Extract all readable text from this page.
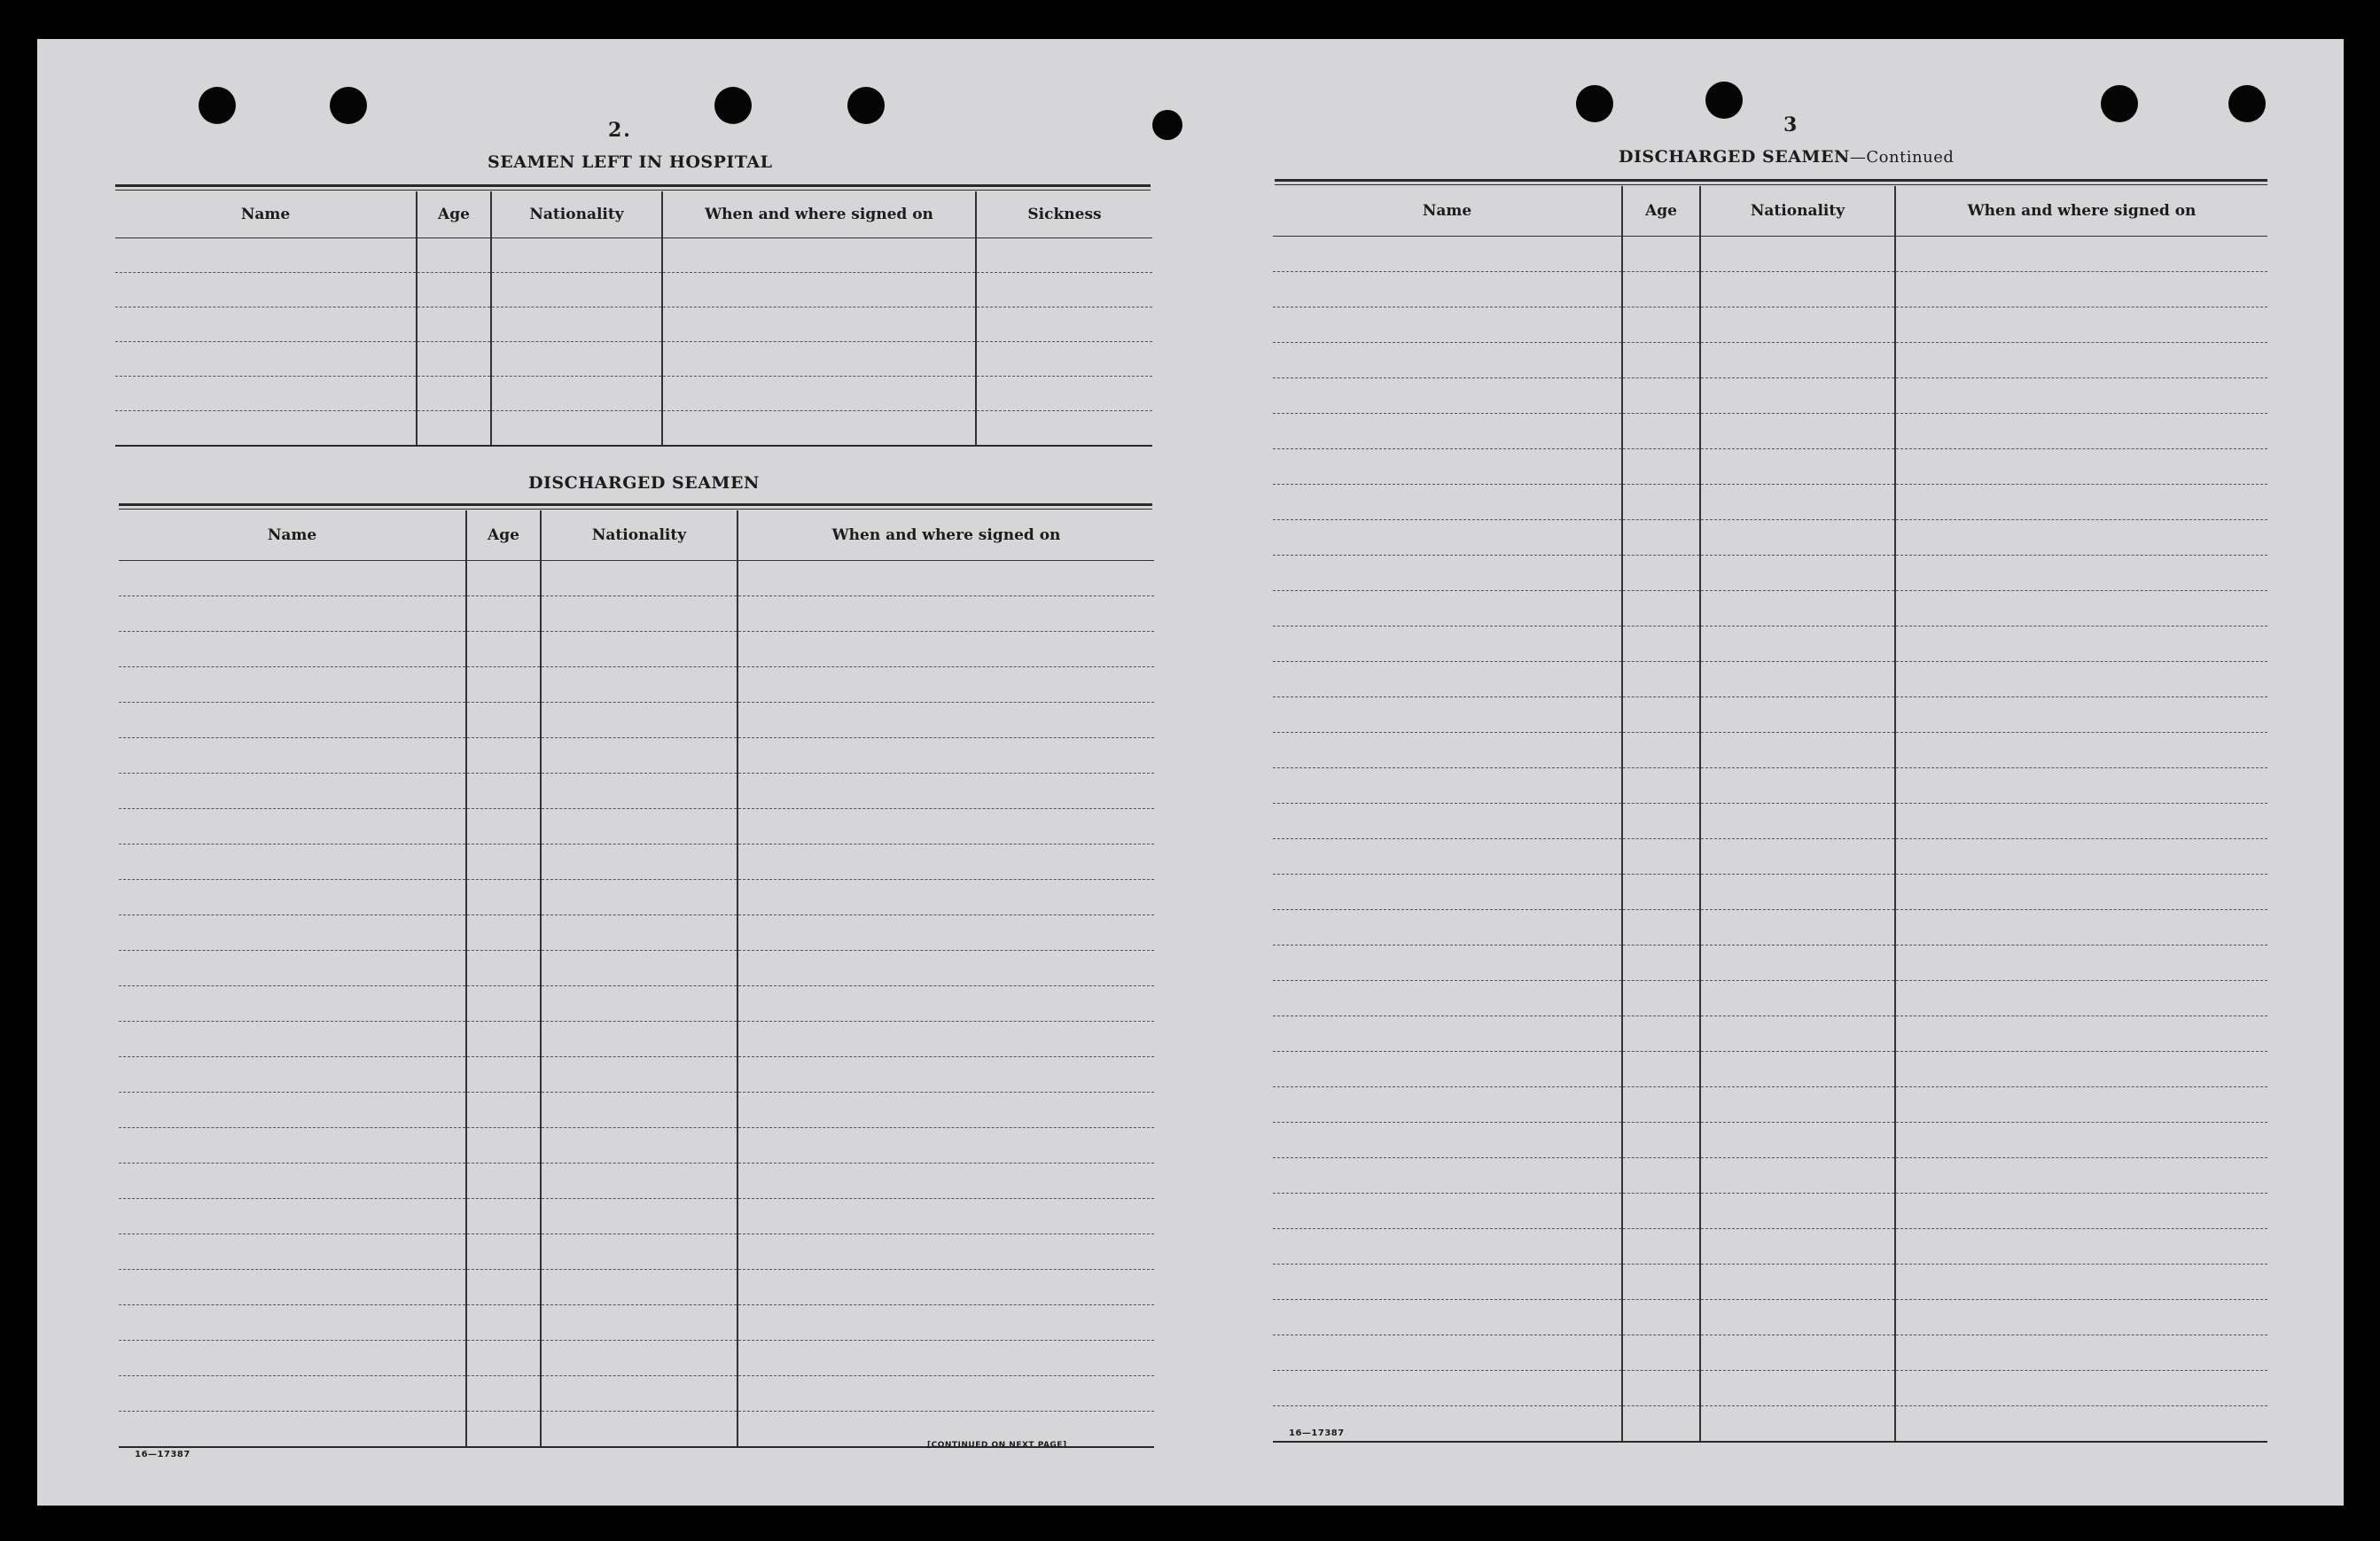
2.
SEAMEN LEFT IN HOSPITAL
Name	Age	Nationality	When and where signed on	Sickness

DISCHARGED SEAMEN
Name	Age	Nationality	When and where signed on

16—17387
[CONTINUED ON NEXT PAGE]
3
DISCHARGED SEAMEN—Continued
Name	Age	Nationality	When and where signed on

16—17387
